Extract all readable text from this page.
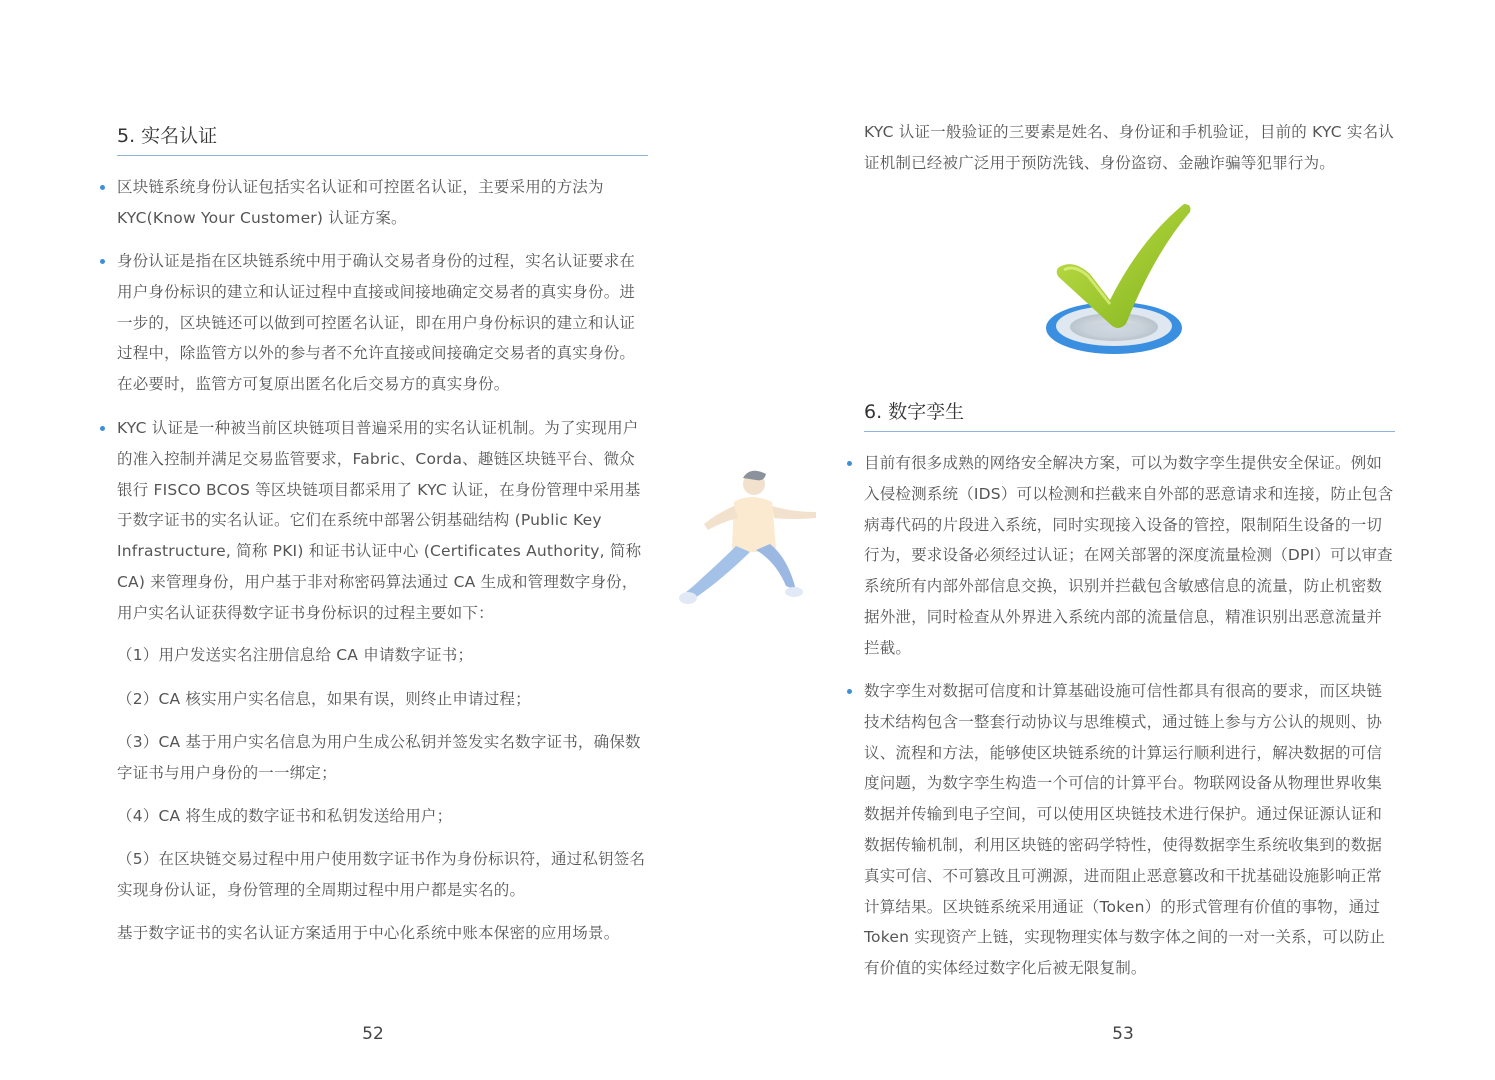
5. 实名认证

区块链系统身份认证包括实名认证和可控匿名认证，主要采用的方法为KYC(Know Your Customer) 认证方案。

身份认证是指在区块链系统中用于确认交易者身份的过程，实名认证要求在用户身份标识的建立和认证过程中直接或间接地确定交易者的真实身份。进一步的，区块链还可以做到可控匿名认证，即在用户身份标识的建立和认证过程中，除监管方以外的参与者不允许直接或间接确定交易者的真实身份。在必要时，监管方可复原出匿名化后交易方的真实身份。

KYC 认证是一种被当前区块链项目普遍采用的实名认证机制。为了实现用户的准入控制并满足交易监管要求，Fabric、Corda、趣链区块链平台、微众银行 FISCO BCOS 等区块链项目都采用了 KYC 认证，在身份管理中采用基于数字证书的实名认证。它们在系统中部署公钥基础结构 (Public Key Infrastructure, 简称 PKI) 和证书认证中心 (Certificates Authority, 简称 CA) 来管理身份，用户基于非对称密码算法通过 CA 生成和管理数字身份，用户实名认证获得数字证书身份标识的过程主要如下：

（1）用户发送实名注册信息给 CA 申请数字证书；

（2）CA 核实用户实名信息，如果有误，则终止申请过程；

（3）CA 基于用户实名信息为用户生成公私钥并签发实名数字证书，确保数字证书与用户身份的一一绑定；

（4）CA 将生成的数字证书和私钥发送给用户；

（5）在区块链交易过程中用户使用数字证书作为身份标识符，通过私钥签名实现身份认证，身份管理的全周期过程中用户都是实名的。

基于数字证书的实名认证方案适用于中心化系统中账本保密的应用场景。

52

KYC 认证一般验证的三要素是姓名、身份证和手机验证，目前的 KYC 实名认证机制已经被广泛用于预防洗钱、身份盗窃、金融诈骗等犯罪行为。

6. 数字孪生

目前有很多成熟的网络安全解决方案，可以为数字孪生提供安全保证。例如入侵检测系统（IDS）可以检测和拦截来自外部的恶意请求和连接，防止包含病毒代码的片段进入系统，同时实现接入设备的管控，限制陌生设备的一切行为，要求设备必须经过认证；在网关部署的深度流量检测（DPI）可以审查系统所有内部外部信息交换，识别并拦截包含敏感信息的流量，防止机密数据外泄，同时检查从外界进入系统内部的流量信息，精准识别出恶意流量并拦截。

数字孪生对数据可信度和计算基础设施可信性都具有很高的要求，而区块链技术结构包含一整套行动协议与思维模式，通过链上参与方公认的规则、协议、流程和方法，能够使区块链系统的计算运行顺利进行，解决数据的可信度问题，为数字孪生构造一个可信的计算平台。物联网设备从物理世界收集数据并传输到电子空间，可以使用区块链技术进行保护。通过保证源认证和数据传输机制，利用区块链的密码学特性，使得数据孪生系统收集到的数据真实可信、不可篡改且可溯源，进而阻止恶意篡改和干扰基础设施影响正常计算结果。区块链系统采用通证（Token）的形式管理有价值的事物，通过 Token 实现资产上链，实现物理实体与数字体之间的一对一关系，可以防止有价值的实体经过数字化后被无限复制。

53
